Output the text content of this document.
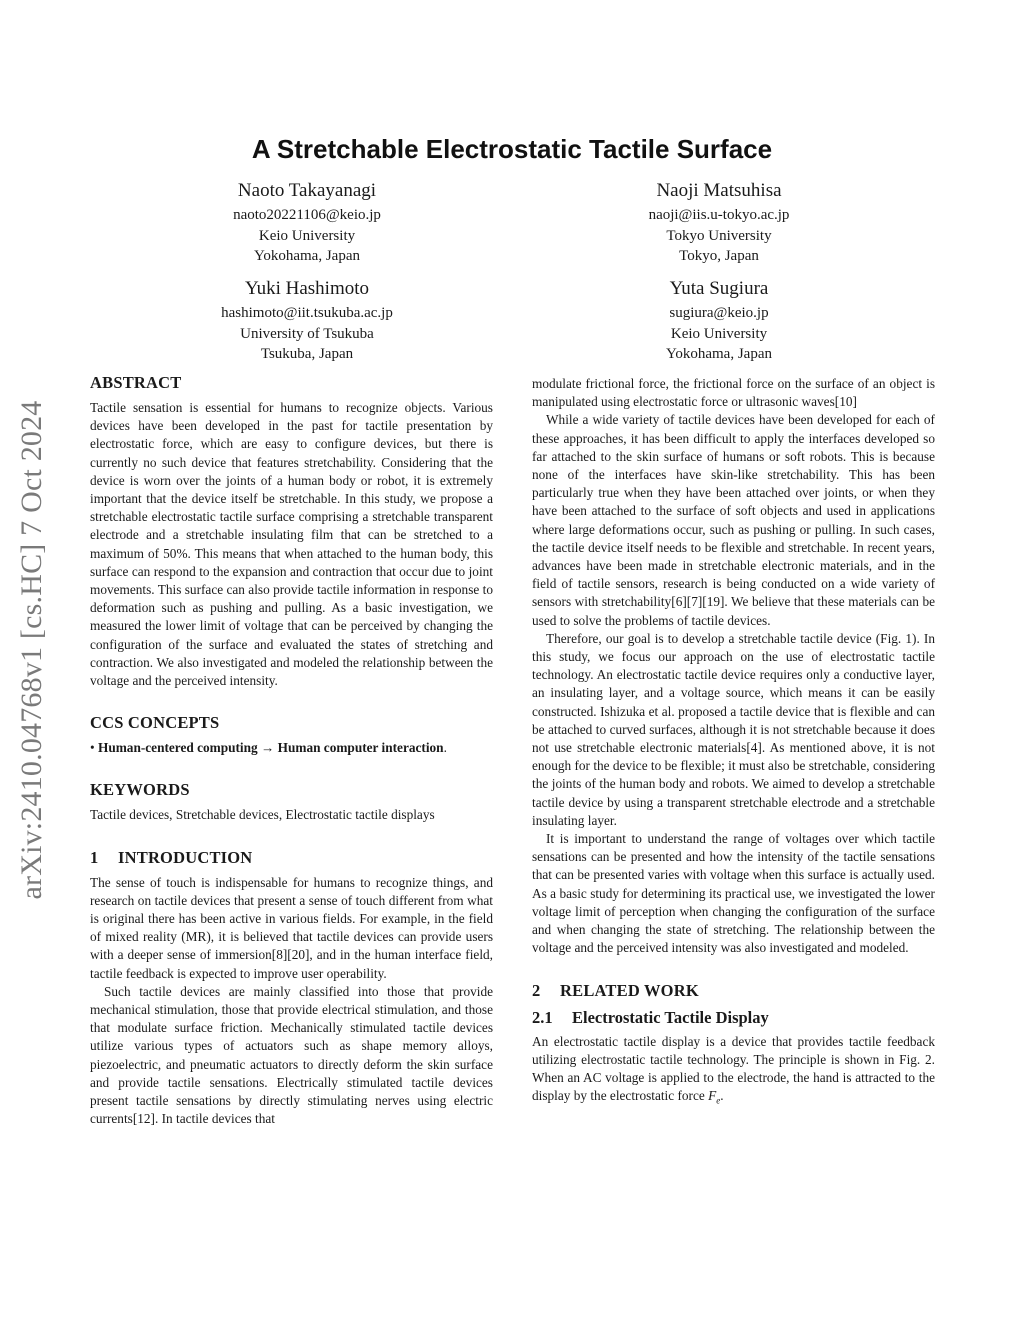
arXiv:2410.04768v1 [cs.HC] 7 Oct 2024
A Stretchable Electrostatic Tactile Surface
Naoto Takayanagi
naoto20221106@keio.jp
Keio University
Yokohama, Japan
Naoji Matsuhisa
naoji@iis.u-tokyo.ac.jp
Tokyo University
Tokyo, Japan
Yuki Hashimoto
hashimoto@iit.tsukuba.ac.jp
University of Tsukuba
Tsukuba, Japan
Yuta Sugiura
sugiura@keio.jp
Keio University
Yokohama, Japan
ABSTRACT

Tactile sensation is essential for humans to recognize objects. Various devices have been developed in the past for tactile presentation by electrostatic force, which are easy to configure devices, but there is currently no such device that features stretchability. Considering that the device is worn over the joints of a human body or robot, it is extremely important that the device itself be stretchable. In this study, we propose a stretchable electrostatic tactile surface comprising a stretchable transparent electrode and a stretchable insulating film that can be stretched to a maximum of 50%. This means that when attached to the human body, this surface can respond to the expansion and contraction that occur due to joint movements. This surface can also provide tactile information in response to deformation such as pushing and pulling. As a basic investigation, we measured the lower limit of voltage that can be perceived by changing the configuration of the surface and evaluated the states of stretching and contraction. We also investigated and modeled the relationship between the voltage and the perceived intensity.

CCS CONCEPTS

• Human-centered computing → Human computer interaction.

KEYWORDS

Tactile devices, Stretchable devices, Electrostatic tactile displays

1 INTRODUCTION

The sense of touch is indispensable for humans to recognize things, and research on tactile devices that present a sense of touch different from what is original there has been active in various fields. For example, in the field of mixed reality (MR), it is believed that tactile devices can provide users with a deeper sense of immersion[8][20], and in the human interface field, tactile feedback is expected to improve user operability.

Such tactile devices are mainly classified into those that provide mechanical stimulation, those that provide electrical stimulation, and those that modulate surface friction. Mechanically stimulated tactile devices utilize various types of actuators such as shape memory alloys, piezoelectric, and pneumatic actuators to directly deform the skin surface and provide tactile sensations. Electrically stimulated tactile devices present tactile sensations by directly stimulating nerves using electric currents[12]. In tactile devices that

modulate frictional force, the frictional force on the surface of an object is manipulated using electrostatic force or ultrasonic waves[10]

While a wide variety of tactile devices have been developed for each of these approaches, it has been difficult to apply the interfaces developed so far attached to the skin surface of humans or soft robots. This is because none of the interfaces have skin-like stretchability. This has been particularly true when they have been attached over joints, or when they have been attached to the surface of soft objects and used in applications where large deformations occur, such as pushing or pulling. In such cases, the tactile device itself needs to be flexible and stretchable. In recent years, advances have been made in stretchable electronic materials, and in the field of tactile sensors, research is being conducted on a wide variety of sensors with stretchability[6][7][19]. We believe that these materials can be used to solve the problems of tactile devices.

Therefore, our goal is to develop a stretchable tactile device (Fig. 1). In this study, we focus our approach on the use of electrostatic tactile technology. An electrostatic tactile device requires only a conductive layer, an insulating layer, and a voltage source, which means it can be easily constructed. Ishizuka et al. proposed a tactile device that is flexible and can be attached to curved surfaces, although it is not stretchable because it does not use stretchable electronic materials[4]. As mentioned above, it is not enough for the device to be flexible; it must also be stretchable, considering the joints of the human body and robots. We aimed to develop a stretchable tactile device by using a transparent stretchable electrode and a stretchable insulating layer.

It is important to understand the range of voltages over which tactile sensations can be presented and how the intensity of the tactile sensations that can be presented varies with voltage when this surface is actually used. As a basic study for determining its practical use, we investigated the lower voltage limit of perception when changing the configuration of the surface and when changing the state of stretching. The relationship between the voltage and the perceived intensity was also investigated and modeled.

2 RELATED WORK
2.1 Electrostatic Tactile Display

An electrostatic tactile display is a device that provides tactile feedback utilizing electrostatic tactile technology. The principle is shown in Fig. 2. When an AC voltage is applied to the electrode, the hand is attracted to the display by the electrostatic force $F_e$.
